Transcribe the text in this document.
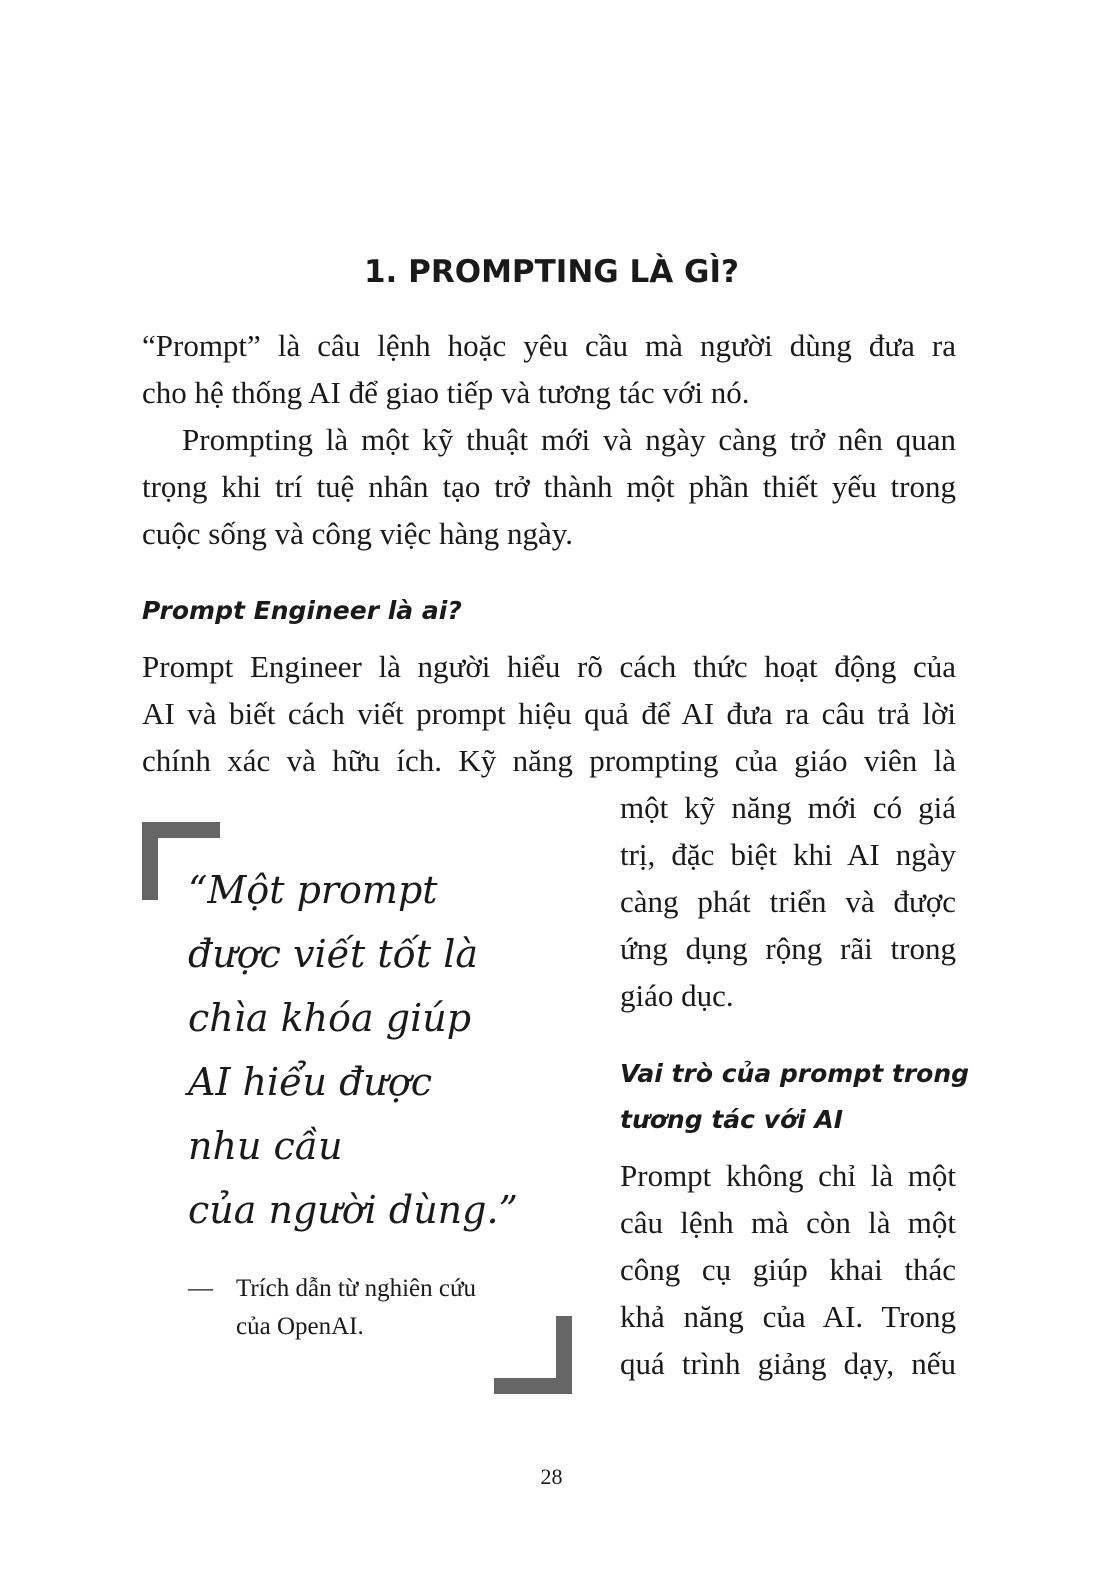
1. PROMPTING LÀ GÌ?
“Prompt” là câu lệnh hoặc yêu cầu mà người dùng đưa ra
cho hệ thống AI để giao tiếp và tương tác với nó.
Prompting là một kỹ thuật mới và ngày càng trở nên quan
trọng khi trí tuệ nhân tạo trở thành một phần thiết yếu trong
cuộc sống và công việc hàng ngày.
Prompt Engineer là ai?
Prompt Engineer là người hiểu rõ cách thức hoạt động của
AI và biết cách viết prompt hiệu quả để AI đưa ra câu trả lời
chính xác và hữu ích. Kỹ năng prompting của giáo viên là
một kỹ năng mới có giá
trị, đặc biệt khi AI ngày
càng phát triển và được
ứng dụng rộng rãi trong
giáo dục.
Vai trò của prompt trong
tương tác với AI
Prompt không chỉ là một
câu lệnh mà còn là một
công cụ giúp khai thác
khả năng của AI. Trong
quá trình giảng dạy, nếu
“Một prompt
được viết tốt là
chìa khóa giúp
AI hiểu được
nhu cầu
của người dùng.”
— Trích dẫn từ nghiên cứu
của OpenAI.
28
